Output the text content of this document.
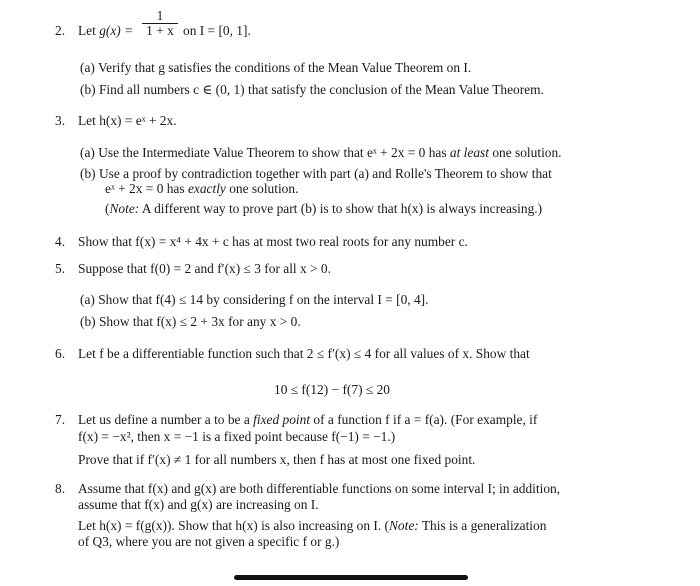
2. Let g(x) =
1
1 + x on I = [0, 1].
(a) Verify that g satisfies the conditions of the Mean Value Theorem on I.
(b) Find all numbers c ∈ (0, 1) that satisfy the conclusion of the Mean Value Theorem.
3. Let h(x) = eˣ + 2x.
(a) Use the Intermediate Value Theorem to show that eˣ + 2x = 0 has at least one solution.
(b) Use a proof by contradiction together with part (a) and Rolle's Theorem to show that
eˣ + 2x = 0 has exactly one solution.
(Note: A different way to prove part (b) is to show that h(x) is always increasing.)
4. Show that f(x) = x⁴ + 4x + c has at most two real roots for any number c.
5. Suppose that f(0) = 2 and f′(x) ≤ 3 for all x > 0.
(a) Show that f(4) ≤ 14 by considering f on the interval I = [0, 4].
(b) Show that f(x) ≤ 2 + 3x for any x > 0.
6. Let f be a differentiable function such that 2 ≤ f′(x) ≤ 4 for all values of x. Show that
10 ≤ f(12) − f(7) ≤ 20
7. Let us define a number a to be a fixed point of a function f if a = f(a). (For example, if
f(x) = −x², then x = −1 is a fixed point because f(−1) = −1.)
Prove that if f′(x) ≠ 1 for all numbers x, then f has at most one fixed point.
8. Assume that f(x) and g(x) are both differentiable functions on some interval I; in addition,
assume that f(x) and g(x) are increasing on I.
Let h(x) = f(g(x)). Show that h(x) is also increasing on I. (Note: This is a generalization
of Q3, where you are not given a specific f or g.)
